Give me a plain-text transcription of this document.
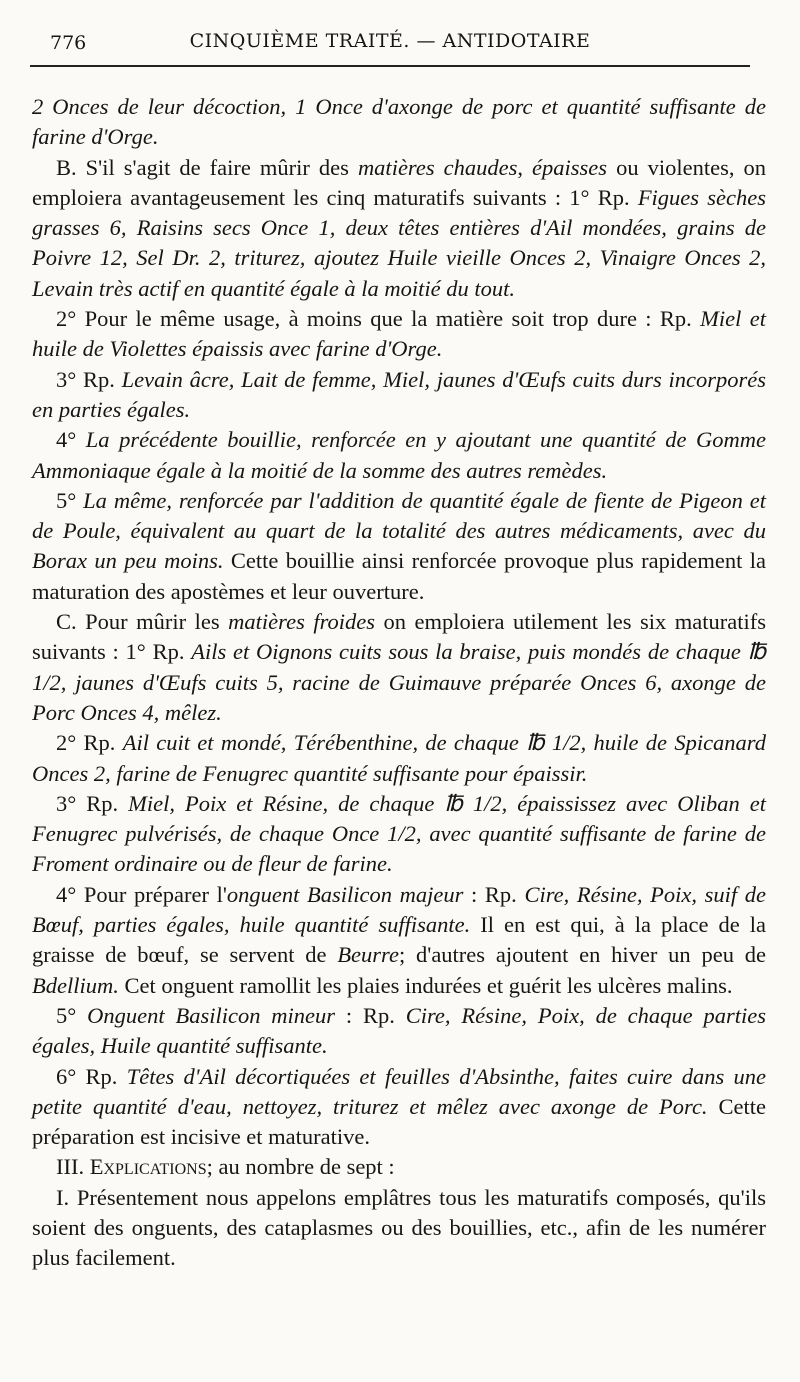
776	CINQUIÈME TRAITÉ. — ANTIDOTAIRE

2 Onces de leur décoction, 1 Once d'axonge de porc et quantité suffisante de farine d'Orge.

B. S'il s'agit de faire mûrir des matières chaudes, épaisses ou violentes, on emploiera avantageusement les cinq maturatifs suivants : 1° Rp. Figues sèches grasses 6, Raisins secs Once 1, deux têtes entières d'Ail mondées, grains de Poivre 12, Sel Dr. 2, triturez, ajoutez Huile vieille Onces 2, Vinaigre Onces 2, Levain très actif en quantité égale à la moitié du tout.

2° Pour le même usage, à moins que la matière soit trop dure : Rp. Miel et huile de Violettes épaissis avec farine d'Orge.

3° Rp. Levain âcre, Lait de femme, Miel, jaunes d'Œufs cuits durs incorporés en parties égales.

4° La précédente bouillie, renforcée en y ajoutant une quantité de Gomme Ammoniaque égale à la moitié de la somme des autres remèdes.

5° La même, renforcée par l'addition de quantité égale de fiente de Pigeon et de Poule, équivalent au quart de la totalité des autres médicaments, avec du Borax un peu moins. Cette bouillie ainsi renforcée provoque plus rapidement la maturation des apostèmes et leur ouverture.

C. Pour mûrir les matières froides on emploiera utilement les six maturatifs suivants : 1° Rp. Ails et Oignons cuits sous la braise, puis mondés de chaque ℔ 1/2, jaunes d'Œufs cuits 5, racine de Guimauve préparée Onces 6, axonge de Porc Onces 4, mêlez.

2° Rp. Ail cuit et mondé, Térébenthine, de chaque ℔ 1/2, huile de Spicanard Onces 2, farine de Fenugrec quantité suffisante pour épaissir.

3° Rp. Miel, Poix et Résine, de chaque ℔ 1/2, épaississez avec Oliban et Fenugrec pulvérisés, de chaque Once 1/2, avec quantité suffisante de farine de Froment ordinaire ou de fleur de farine.

4° Pour préparer l'onguent Basilicon majeur : Rp. Cire, Résine, Poix, suif de Bœuf, parties égales, huile quantité suffisante. Il en est qui, à la place de la graisse de bœuf, se servent de Beurre; d'autres ajoutent en hiver un peu de Bdellium. Cet onguent ramollit les plaies indurées et guérit les ulcères malins.

5° Onguent Basilicon mineur : Rp. Cire, Résine, Poix, de chaque parties égales, Huile quantité suffisante.

6° Rp. Têtes d'Ail décortiquées et feuilles d'Absinthe, faites cuire dans une petite quantité d'eau, nettoyez, triturez et mêlez avec axonge de Porc. Cette préparation est incisive et maturative.

III. Explications; au nombre de sept :

I. Présentement nous appelons emplâtres tous les maturatifs composés, qu'ils soient des onguents, des cataplasmes ou des bouillies, etc., afin de les numérer plus facilement.
